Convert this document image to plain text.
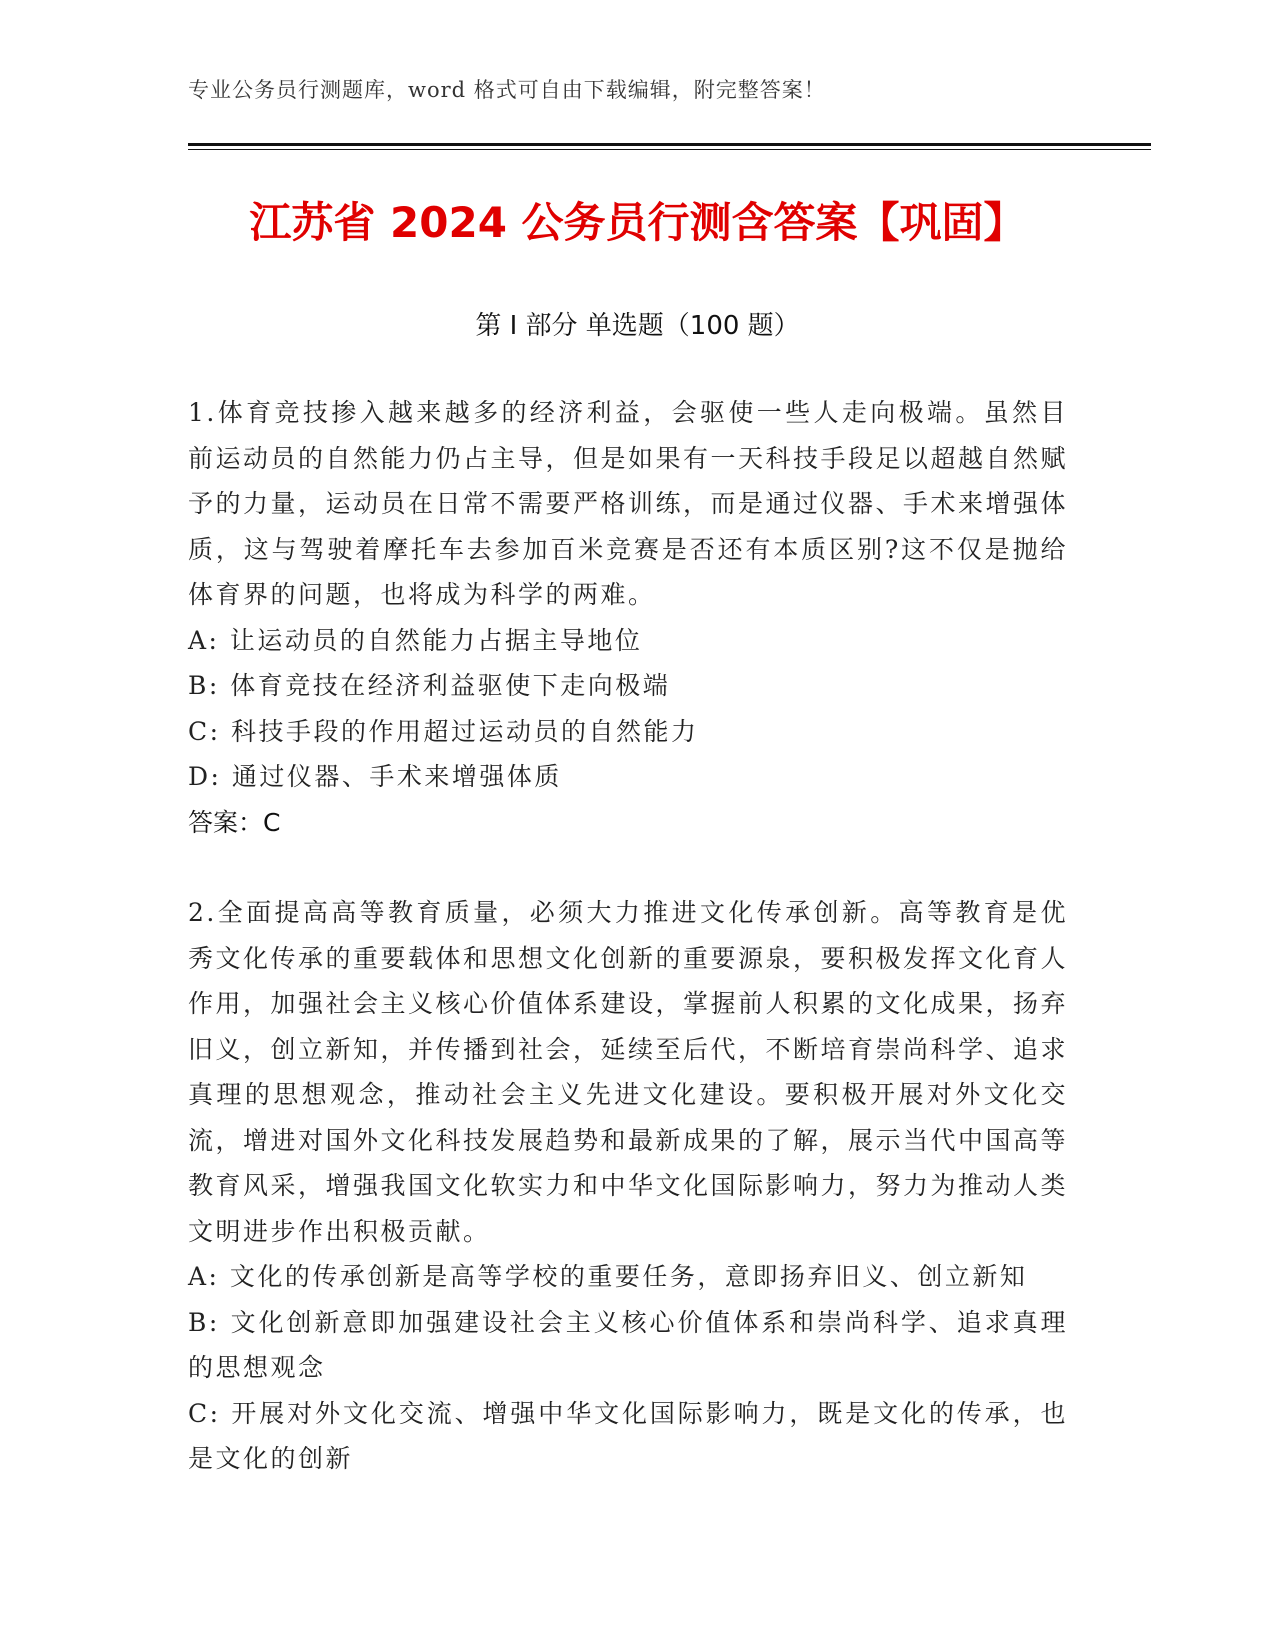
专业公务员行测题库，word 格式可自由下载编辑，附完整答案！
江苏省 2024 公务员行测含答案【巩固】
第 I 部分 单选题（100 题）

1.体育竞技掺入越来越多的经济利益，会驱使一些人走向极端。虽然目前运动员的自然能力仍占主导，但是如果有一天科技手段足以超越自然赋予的力量，运动员在日常不需要严格训练，而是通过仪器、手术来增强体质，这与驾驶着摩托车去参加百米竞赛是否还有本质区别?这不仅是抛给体育界的问题，也将成为科学的两难。

A: 让运动员的自然能力占据主导地位

B: 体育竞技在经济利益驱使下走向极端

C: 科技手段的作用超过运动员的自然能力

D: 通过仪器、手术来增强体质

答案：C

2.全面提高高等教育质量，必须大力推进文化传承创新。高等教育是优秀文化传承的重要载体和思想文化创新的重要源泉，要积极发挥文化育人作用，加强社会主义核心价值体系建设，掌握前人积累的文化成果，扬弃旧义，创立新知，并传播到社会，延续至后代，不断培育崇尚科学、追求真理的思想观念，推动社会主义先进文化建设。要积极开展对外文化交流，增进对国外文化科技发展趋势和最新成果的了解，展示当代中国高等教育风采，增强我国文化软实力和中华文化国际影响力，努力为推动人类文明进步作出积极贡献。

A: 文化的传承创新是高等学校的重要任务，意即扬弃旧义、创立新知

B: 文化创新意即加强建设社会主义核心价值体系和崇尚科学、追求真理的思想观念

C: 开展对外文化交流、增强中华文化国际影响力，既是文化的传承，也是文化的创新
